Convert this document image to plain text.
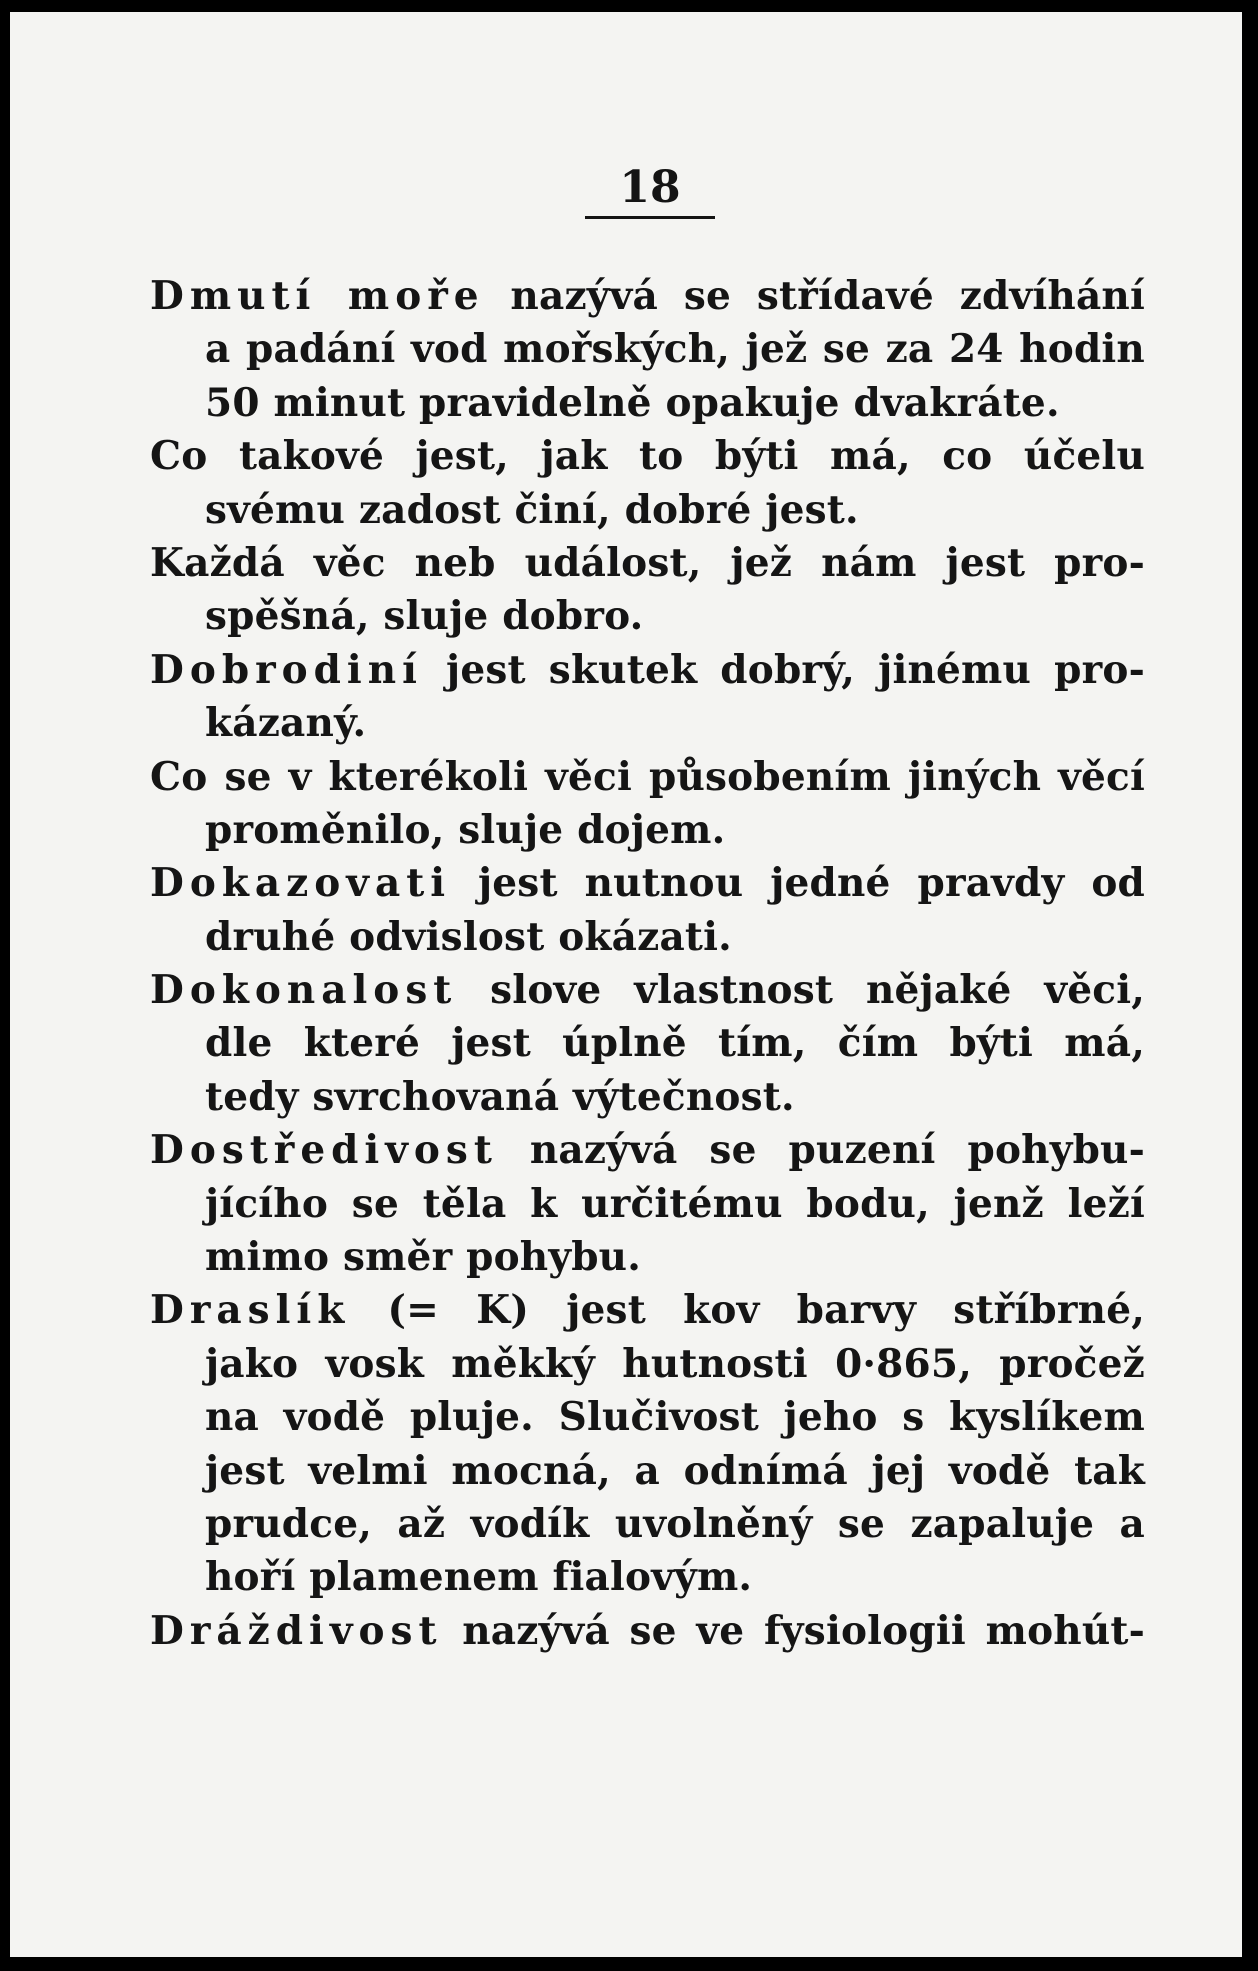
18
Dmutí moře nazývá se střídavé zdvíhání
a padání vod mořských, jež se za 24 hodin
50 minut pravidelně opakuje dvakráte.
Co takové jest, jak to býti má, co účelu
svému zadost činí, dobré jest.
Každá věc neb událost, jež nám jest pro-
spěšná, sluje dobro.
Dobrodiní jest skutek dobrý, jinému pro-
kázaný.
Co se v kterékoli věci působením jiných věcí
proměnilo, sluje dojem.
Dokazovati jest nutnou jedné pravdy od
druhé odvislost okázati.
Dokonalost slove vlastnost nějaké věci,
dle které jest úplně tím, čím býti má,
tedy svrchovaná výtečnost.
Dostředivost nazývá se puzení pohybu-
jícího se těla k určitému bodu, jenž leží
mimo směr pohybu.
Draslík (= K) jest kov barvy stříbrné,
jako vosk měkký hutnosti 0·865, pročež
na vodě pluje. Slučivost jeho s kyslíkem
jest velmi mocná, a odnímá jej vodě tak
prudce, až vodík uvolněný se zapaluje a
hoří plamenem fialovým.
Dráždivost nazývá se ve fysiologii mohút-
